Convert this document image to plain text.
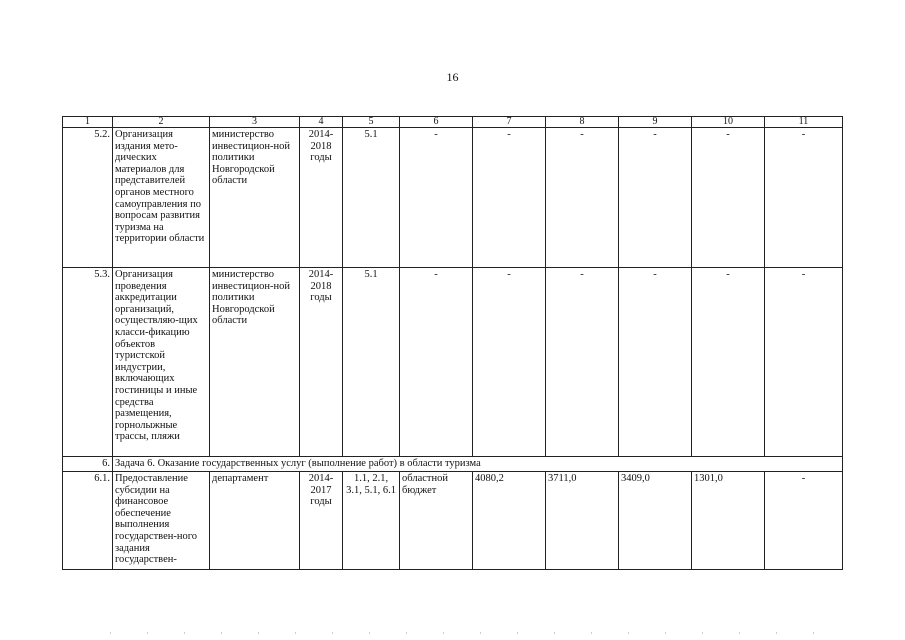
16
1	2	3	4	5	6	7	8	9	10	11
5.2.	Организация издания мето-дических материалов для представителей органов местного самоуправления по вопросам развития туризма на территории области	министерство инвестицион-ной политики Новгородской области	2014-2018 годы	5.1	-	-	-	-	-	-
5.3.	Организация проведения аккредитации организаций, осуществляю-щих класси-фикацию объектов туристской индустрии, включающих гостиницы и иные средства размещения, горнолыжные трассы, пляжи	министерство инвестицион-ной политики Новгородской области	2014-2018 годы	5.1	-	-	-	-	-	-
6.	Задача 6. Оказание государственных услуг (выполнение работ) в области туризма									
6.1.	Предоставление субсидии на финансовое обеспечение выполнения государствен-ного задания государствен-	департамент	2014-2017 годы	1.1, 2.1, 3.1, 5.1, 6.1	областной бюджет	4080,2	3711,0	3409,0	1301,0	-
